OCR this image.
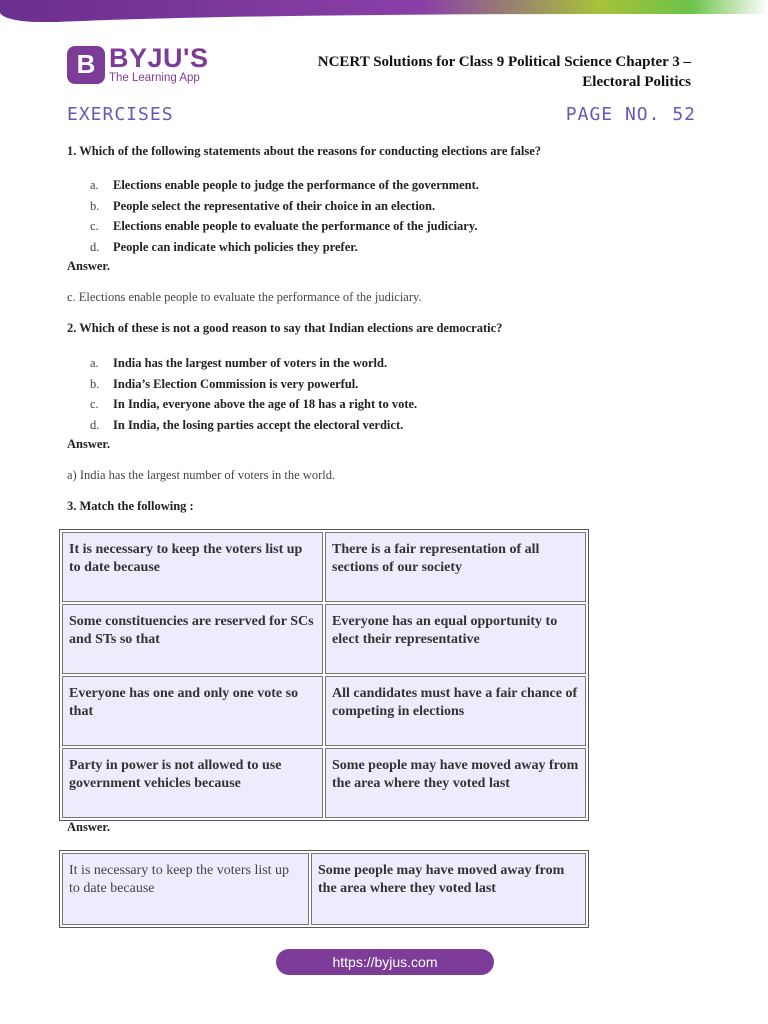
B BYJU'S
The Learning App
NCERT Solutions for Class 9 Political Science Chapter 3 –
Electoral Politics
EXERCISES	PAGE NO. 52
1. Which of the following statements about the reasons for conducting elections are false?
a.	Elections enable people to judge the performance of the government.
b.	People select the representative of their choice in an election.
c.	Elections enable people to evaluate the performance of the judiciary.
d.	People can indicate which policies they prefer.
Answer.
c. Elections enable people to evaluate the performance of the judiciary.
2. Which of these is not a good reason to say that Indian elections are democratic?
a.	India has the largest number of voters in the world.
b.	India’s Election Commission is very powerful.
c.	In India, everyone above the age of 18 has a right to vote.
d.	In India, the losing parties accept the electoral verdict.
Answer.
a) India has the largest number of voters in the world.
3. Match the following :
It is necessary to keep the voters list up to date because	There is a fair representation of all sections of our society
Some constituencies are reserved for SCs and STs so that	Everyone has an equal opportunity to elect their representative
Everyone has one and only one vote so that	All candidates must have a fair chance of competing in elections
Party in power is not allowed to use government vehicles because	Some people may have moved away from the area where they voted last
Answer.
It is necessary to keep the voters list up to date because	Some people may have moved away from the area where they voted last
https://byjus.com
